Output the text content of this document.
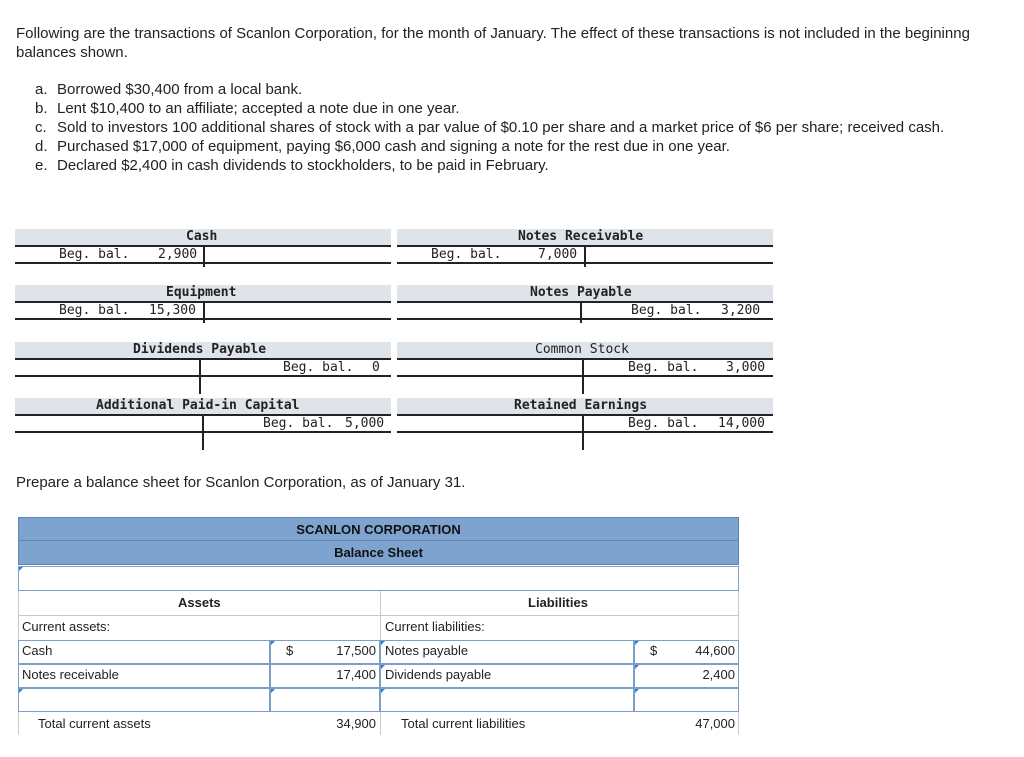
Following are the transactions of Scanlon Corporation, for the month of January. The effect of these transactions is not included in the begininng balances shown.
a. Borrowed $30,400 from a local bank.
b. Lent $10,400 to an affiliate; accepted a note due in one year.
c. Sold to investors 100 additional shares of stock with a par value of $0.10 per share and a market price of $6 per share; received cash.
d. Purchased $17,000 of equipment, paying $6,000 cash and signing a note for the rest due in one year.
e. Declared $2,400 in cash dividends to stockholders, to be paid in February.
Cash
Beg. bal. 2,900
Notes Receivable
Beg. bal.	7,000
Equipment
Beg. bal. 15,300
Notes Payable
Beg. bal. 3,200
Dividends Payable
Beg. bal. 0
Common Stock
Beg. bal. 3,000
Additional Paid-in Capital
Beg. bal. 5,000
Retained Earnings
Beg. bal. 14,000
Prepare a balance sheet for Scanlon Corporation, as of January 31.
SCANLON CORPORATION
Balance Sheet
Assets	Liabilities
Current assets:	Current liabilities:
Cash	$	17,500 Notes payable	$	44,600
Notes receivable	17,400 Dividends payable	2,400
Total current assets	34,900 Total current liabilities	47,000
